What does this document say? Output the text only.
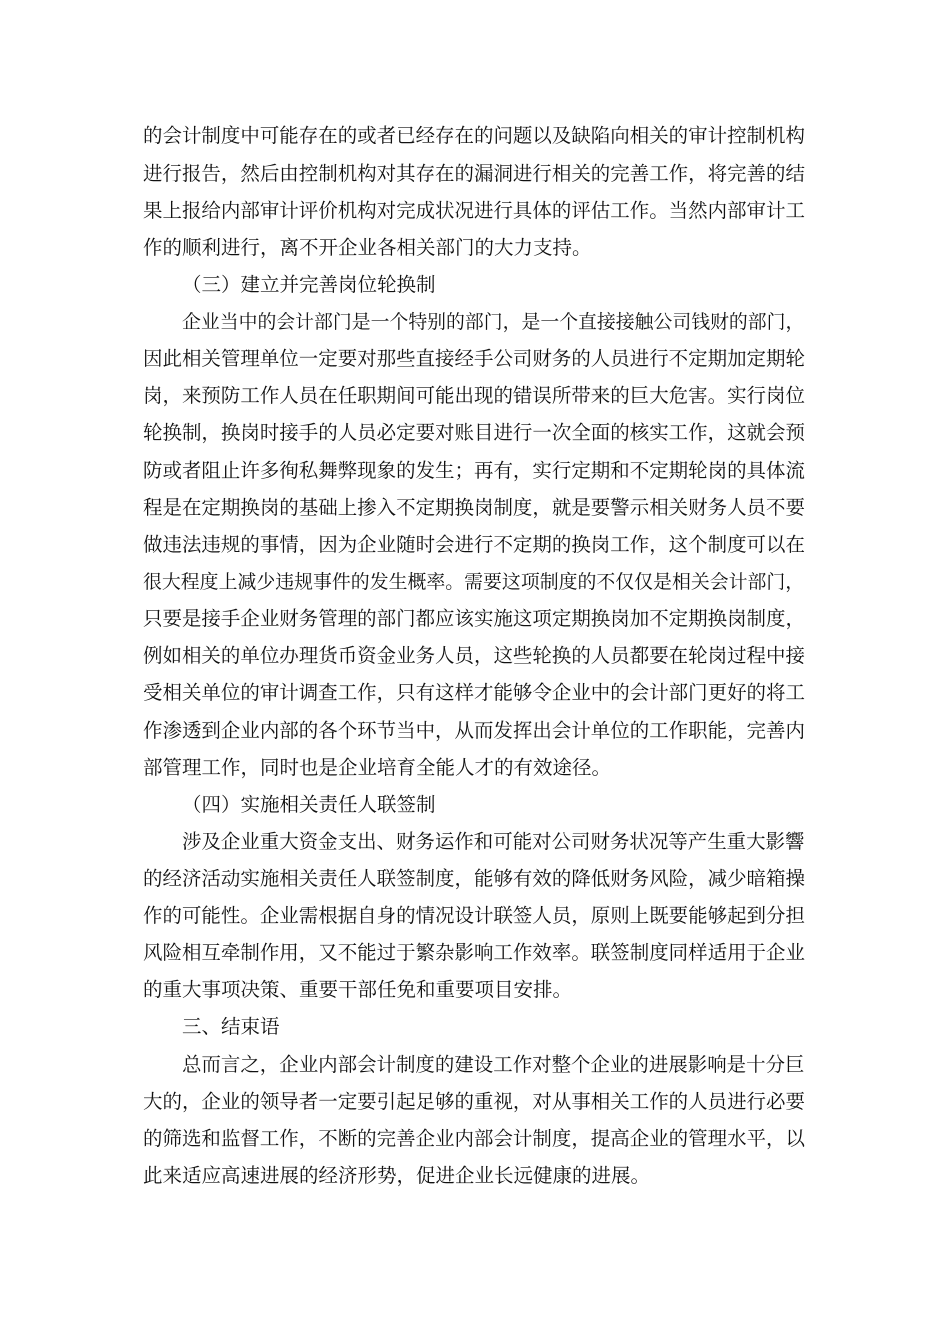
的会计制度中可能存在的或者已经存在的问题以及缺陷向相关的审计控制机构
进行报告，然后由控制机构对其存在的漏洞进行相关的完善工作，将完善的结
果上报给内部审计评价机构对完成状况进行具体的评估工作。当然内部审计工
作的顺利进行，离不开企业各相关部门的大力支持。
（三）建立并完善岗位轮换制
企业当中的会计部门是一个特别的部门，是一个直接接触公司钱财的部门，
因此相关管理单位一定要对那些直接经手公司财务的人员进行不定期加定期轮
岗，来预防工作人员在任职期间可能出现的错误所带来的巨大危害。实行岗位
轮换制，换岗时接手的人员必定要对账目进行一次全面的核实工作，这就会预
防或者阻止许多徇私舞弊现象的发生；再有，实行定期和不定期轮岗的具体流
程是在定期换岗的基础上掺入不定期换岗制度，就是要警示相关财务人员不要
做违法违规的事情，因为企业随时会进行不定期的换岗工作，这个制度可以在
很大程度上减少违规事件的发生概率。需要这项制度的不仅仅是相关会计部门，
只要是接手企业财务管理的部门都应该实施这项定期换岗加不定期换岗制度，
例如相关的单位办理货币资金业务人员，这些轮换的人员都要在轮岗过程中接
受相关单位的审计调查工作，只有这样才能够令企业中的会计部门更好的将工
作渗透到企业内部的各个环节当中，从而发挥出会计单位的工作职能，完善内
部管理工作，同时也是企业培育全能人才的有效途径。
（四）实施相关责任人联签制
涉及企业重大资金支出、财务运作和可能对公司财务状况等产生重大影響
的经济活动实施相关责任人联签制度，能够有效的降低财务风险，减少暗箱操
作的可能性。企业需根据自身的情况设计联签人员，原则上既要能够起到分担
风险相互牵制作用，又不能过于繁杂影响工作效率。联签制度同样适用于企业
的重大事项决策、重要干部任免和重要项目安排。
三、结束语
总而言之，企业内部会计制度的建设工作对整个企业的进展影响是十分巨
大的，企业的领导者一定要引起足够的重视，对从事相关工作的人员进行必要
的筛选和监督工作，不断的完善企业内部会计制度，提高企业的管理水平，以
此来适应高速进展的经济形势，促进企业长远健康的进展。
